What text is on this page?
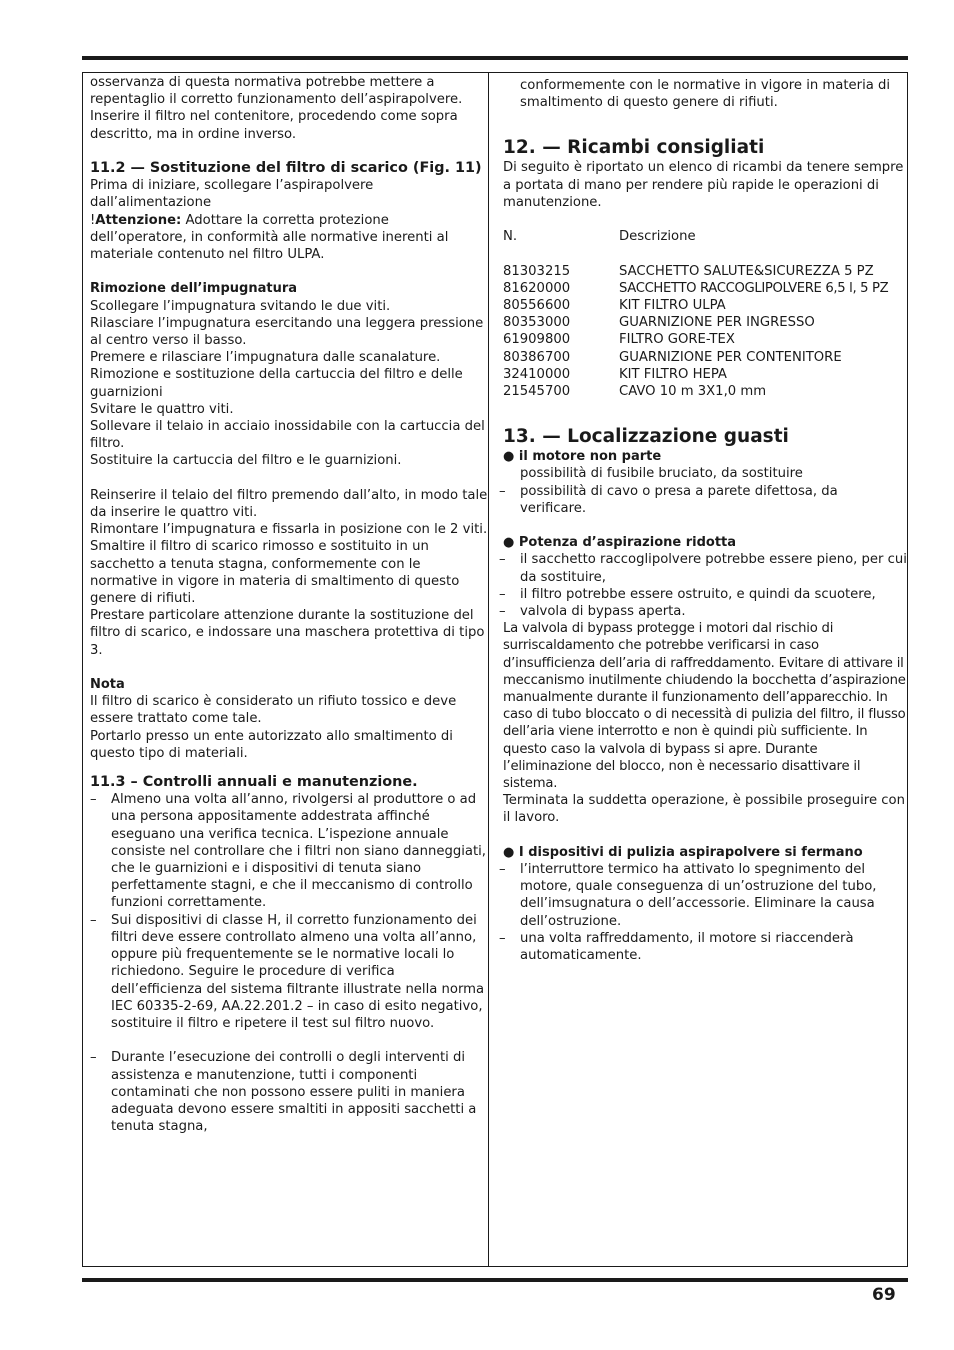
osservanza di questa normativa potrebbe mettere a repentaglio il corretto funzionamento dell’aspirapolvere.

Inserire il filtro nel contenitore, procedendo come sopra descritto, ma in ordine inverso.

11.2 — Sostituzione del filtro di scarico (Fig. 11)

Prima di iniziare, scollegare l’aspirapolvere dall’alimentazione

!Attenzione: Adottare la corretta protezione dell’operatore, in conformità alle normative inerenti al materiale contenuto nel filtro ULPA.

Rimozione dell’impugnatura

Scollegare l’impugnatura svitando le due viti.

Rilasciare l’impugnatura esercitando una leggera pressione al centro verso il basso.

Premere e rilasciare l’impugnatura dalle scanalature.

Rimozione e sostituzione della cartuccia del filtro e delle guarnizioni

Svitare le quattro viti.

Sollevare il telaio in acciaio inossidabile con la cartuccia del filtro.

Sostituire la cartuccia del filtro e le guarnizioni.

Reinserire il telaio del filtro premendo dall’alto, in modo tale da inserire le quattro viti.

Rimontare l’impugnatura e fissarla in posizione con le 2 viti.

Smaltire il filtro di scarico rimosso e sostituito in un sacchetto a tenuta stagna, conformemente con le normative in vigore in materia di smaltimento di questo genere di rifiuti.

Prestare particolare attenzione durante la sostituzione del filtro di scarico, e indossare una maschera protettiva di tipo 3.

Nota

Il filtro di scarico è considerato un rifiuto tossico e deve essere trattato come tale.

Portarlo presso un ente autorizzato allo smaltimento di questo tipo di materiali.

11.3 – Controlli annuali e manutenzione.

–	Almeno una volta all’anno, rivolgersi al produttore o ad una persona appositamente addestrata affinché eseguano una verifica tecnica. L’ispezione annuale consiste nel controllare che i filtri non siano danneggiati, che le guarnizioni e i dispositivi di tenuta siano perfettamente stagni, e che il meccanismo di controllo funzioni correttamente.
–	Sui dispositivi di classe H, il corretto funzionamento dei filtri deve essere controllato almeno una volta all’anno, oppure più frequentemente se le normative locali lo richiedono. Seguire le procedure di verifica dell’efficienza del sistema filtrante illustrate nella norma IEC 60335-2-69, AA.22.201.2 – in caso di esito negativo, sostituire il filtro e ripetere il test sul filtro nuovo.
–	Durante l’esecuzione dei controlli o degli interventi di assistenza e manutenzione, tutti i componenti contaminati che non possono essere puliti in maniera adeguata devono essere smaltiti in appositi sacchetti a tenuta stagna,

conformemente con le normative in vigore in materia di smaltimento di questo genere di rifiuti.

12. — Ricambi consigliati

Di seguito è riportato un elenco di ricambi da tenere sempre a portata di mano per rendere più rapide le operazioni di manutenzione.

N.	Descrizione
81303215	SACCHETTO SALUTE&SICUREZZA 5 PZ
81620000	SACCHETTO RACCOGLIPOLVERE 6,5 l, 5 PZ
80556600	KIT FILTRO ULPA
80353000	GUARNIZIONE PER INGRESSO
61909800	FILTRO GORE-TEX
80386700	GUARNIZIONE PER CONTENITORE
32410000	KIT FILTRO HEPA
21545700	CAVO 10 m 3X1,0 mm

13. — Localizzazione guasti

● il motore non parte

possibilità di fusibile bruciato, da sostituire
–	possibilità di cavo o presa a parete difettosa, da verificare.

● Potenza d’aspirazione ridotta

–	il sacchetto raccoglipolvere potrebbe essere pieno, per cui da sostituire,
–	il filtro potrebbe essere ostruito, e quindi da scuotere,
–	valvola di bypass aperta.

La valvola di bypass protegge i motori dal rischio di surriscaldamento che potrebbe verificarsi in caso d’insufficienza dell’aria di raffreddamento. Evitare di attivare il meccanismo inutilmente chiudendo la bocchetta d’aspirazione manualmente durante il funzionamento dell’apparecchio. In caso di tubo bloccato o di necessità di pulizia del filtro, il flusso dell’aria viene interrotto e non è quindi più sufficiente. In questo caso la valvola di bypass si apre. Durante l’eliminazione del blocco, non è necessario disattivare il sistema.

Terminata la suddetta operazione, è possibile proseguire con il lavoro.

● I dispositivi di pulizia aspirapolvere si fermano

–	l’interruttore termico ha attivato lo spegnimento del motore, quale conseguenza di un’ostruzione del tubo, dell’imsugnatura o dell’accessorie. Eliminare la causa dell’ostruzione.
–	una volta raffreddamento, il motore si riaccenderà automaticamente.
69
